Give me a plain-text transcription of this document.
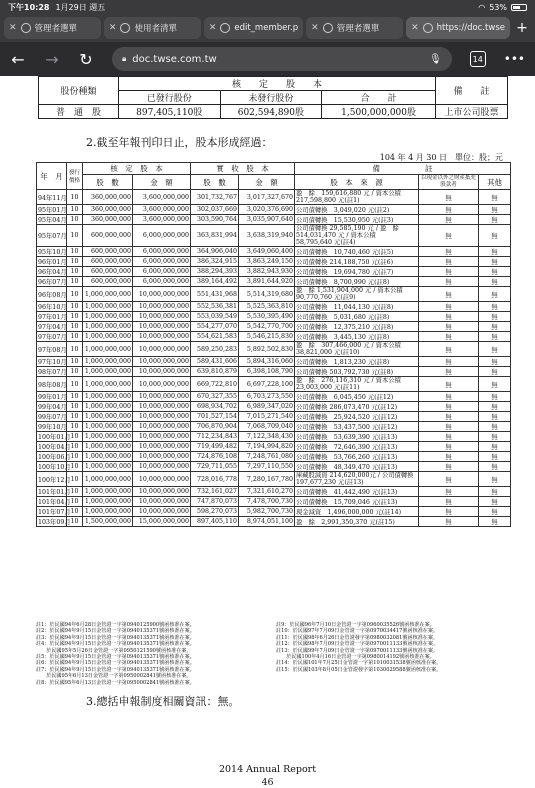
下午10:28 1月29日 週五	◠ 53%
✕ 管理者選單	✕ 使用者清單	✕ edit_member.p ✕ 管理者選單	✕ https://doc.twse +
← → ↻	🔒︎ doc.twse.com.tw	🎙︎	14 •••
股份種類	核　　定　　股　　本			備　　註
	已發行股份	未發行股份	合　　計	
普　通　股	897,405,110股	602,594,890股	1,500,000,000股	上市公司股票
2.截至年報刊印日止，股本形成經過：
104 年 4 月 30 日　單位：股；元
年　月	發行價格	核　定　股　本		實　收　股　本		備　　　　　　註		
		股　數	金　額	股　數	金　額	股　本　來　源	以現金以外之財產抵充股款者	其他
94年11月	10	360,000,000	3,600,000,000	301,732,767	3,017,327,670	盈　餘　159,616,880 元 / 資本公積　217,598,800 元(註1)	無	無
95年01月	10	360,000,000	3,600,000,000	302,037,669	3,020,376,690	公司債轉換　3,049,020 元(註2)	無	無
95年04月	10	360,000,000	3,600,000,000	303,590,764	3,035,907,640	公司債轉換　15,530,950 元(註3)	無	無
95年07月	10	600,000,000	6,000,000,000	363,831,994	3,638,319,940	公司債轉換 29,585,190 元 / 盈　餘　514,031,470 元 / 資本公積　58,795,640 元(註4)	無	無
95年10月	10	600,000,000	6,000,000,000	364,906,040	3,649,060,400	公司債轉換　10,740,460 元(註5)	無	無
96年01月	10	600,000,000	6,000,000,000	386,324,915	3,863,249,150	公司債轉換 214,188,750 元(註6)	無	無
96年04月	10	600,000,000	6,000,000,000	388,294,393	3,882,943,930	公司債轉換　19,694,780 元(註7)	無	無
96年07月	10	600,000,000	6,000,000,000	389,164,492	3,891,644,920	公司債轉換　8,700,990 元(註8)	無	無
96年08月	10	1,000,000,000	10,000,000,000	551,431,968	5,514,319,680	盈　餘 1,531,904,000 元 / 資本公積　90,770,760 元(註9)	無	無
96年10月	10	1,000,000,000	10,000,000,000	552,536,381	5,525,363,810	公司債轉換　11,044,130 元(註8)	無	無
97年01月	10	1,000,000,000	10,000,000,000	553,039,549	5,530,395,490	公司債轉換　5,031,680 元(註8)	無	無
97年04月	10	1,000,000,000	10,000,000,000	554,277,070	5,542,770,700	公司債轉換　12,375,210 元(註8)	無	無
97年07月	10	1,000,000,000	10,000,000,000	554,621,583	5,546,215,830	公司債轉換　3,445,130 元(註8)	無	無
97年08月	10	1,000,000,000	10,000,000,000	589,250,283	5,892,502,830	盈　餘　307,466,000 元 / 資本公積　38,821,000 元(註10)	無	無
97年10月	10	1,000,000,000	10,000,000,000	589,431,606	5,894,316,060	公司債轉換　1,813,230 元(註8)	無	無
98年07月	10	1,000,000,000	10,000,000,000	639,810,879	6,398,108,790	公司債轉換 503,792,730 元(註8)	無	無
98年08月	10	1,000,000,000	10,000,000,000	669,722,810	6,697,228,100	盈　餘　276,116,310 元 / 資本公積　23,003,000 元(註11)	無	無
99年01月	10	1,000,000,000	10,000,000,000	670,327,355	6,703,273,550	公司債轉換　6,045,450 元(註12)	無	無
99年04月	10	1,000,000,000	10,000,000,000	698,934,702	6,989,347,020	公司債轉換 286,073,470 元(註12)	無	無
99年07月	10	1,000,000,000	10,000,000,000	701,527,154	7,015,271,540	公司債轉換　25,924,520 元(註12)	無	無
99年10月	10	1,000,000,000	10,000,000,000	706,870,904	7,068,709,040	公司債轉換　53,437,500 元(註12)	無	無
100年01月	10	1,000,000,000	10,000,000,000	712,234,843	7,122,348,430	公司債轉換　53,639,390 元(註13)	無	無
100年04月	10	1,000,000,000	10,000,000,000	719,499,482	7,194,994,820	公司債轉換　72,646,390 元(註13)	無	無
100年06月	10	1,000,000,000	10,000,000,000	724,876,108	7,248,761,080	公司債轉換　53,766,260 元(註13)	無	無
100年10月	10	1,000,000,000	10,000,000,000	729,711,055	7,297,110,550	公司債轉換　48,349,470 元(註13)	無	無
100年12月	10	1,000,000,000	10,000,000,000	728,016,778	7,280,167,780	庫藏股減資 214,620,000元 / 公司債轉換　197,677,230 元(註13)	無	無
101年01月	10	1,000,000,000	10,000,000,000	732,161,027	7,321,610,270	公司債轉換　41,442,490 元(註13)	無	無
101年04月	10	1,000,000,000	10,000,000,000	747,870,073	7,478,700,730	公司債轉換　15,709,046 元(註13)	無	無
101年07月	10	1,000,000,000	10,000,000,000	598,270,073	5,982,700,730	現金減資　1,496,000,000 元(註14)	無	無
103年09月	10	1,500,000,000	15,000,000,000	897,405,110	8,974,051,100	盈　餘　2,991,350,370 元(註15)	無	無
註1：於民國94年6月28日金管證一字第0940125900號函核准在案。
註2：於民國94年9月15日金管證一字第0940135371號函核准在案。
註3：於民國94年9月15日金管證一字第0940135371號函核准在案。
註4：於民國94年9月15日金管證一字第0940135371號函核准在案。
　　於民國95年5月26日金管證一字第0950121590號函核准在案。
註5：於民國94年9月15日金管證一字第0940135371號函核准在案。
註6：於民國94年9月15日金管證一字第0940135371號函核准在案。
註7：於民國94年9月15日金管證一字第0940135371號函核准在案。
　　於民國95年6月13日金管證一字第0950002841號函核准在案。
註8：於民國95年6月13日金管證一字第0950002841號函核准在案。
註9：於民國96年7月10日金管證一字第0960035526號函核准在案。
註10：於民國97年7月09日金管證一字第0970034417號函核准在案。
註11：於民國98年6月26日金管證發字第0980032081號函核准在案。
註12：於民國98年7月09日金管證一字第0970011133號函核准在案。
註13：於民國99年7月09日金管證一字第0970011133號函核准在案。
　　於民國100年4月16日金管證一字第0980014192號函核准在案。
註14：於民國101年7月25日金管證一字第1010031538號函核准在案。
註15：於民國103年8月05日金管證發字第1030029588號函核准在案。
3.總括申報制度相關資訊：無。
2014 Annual Report
46
